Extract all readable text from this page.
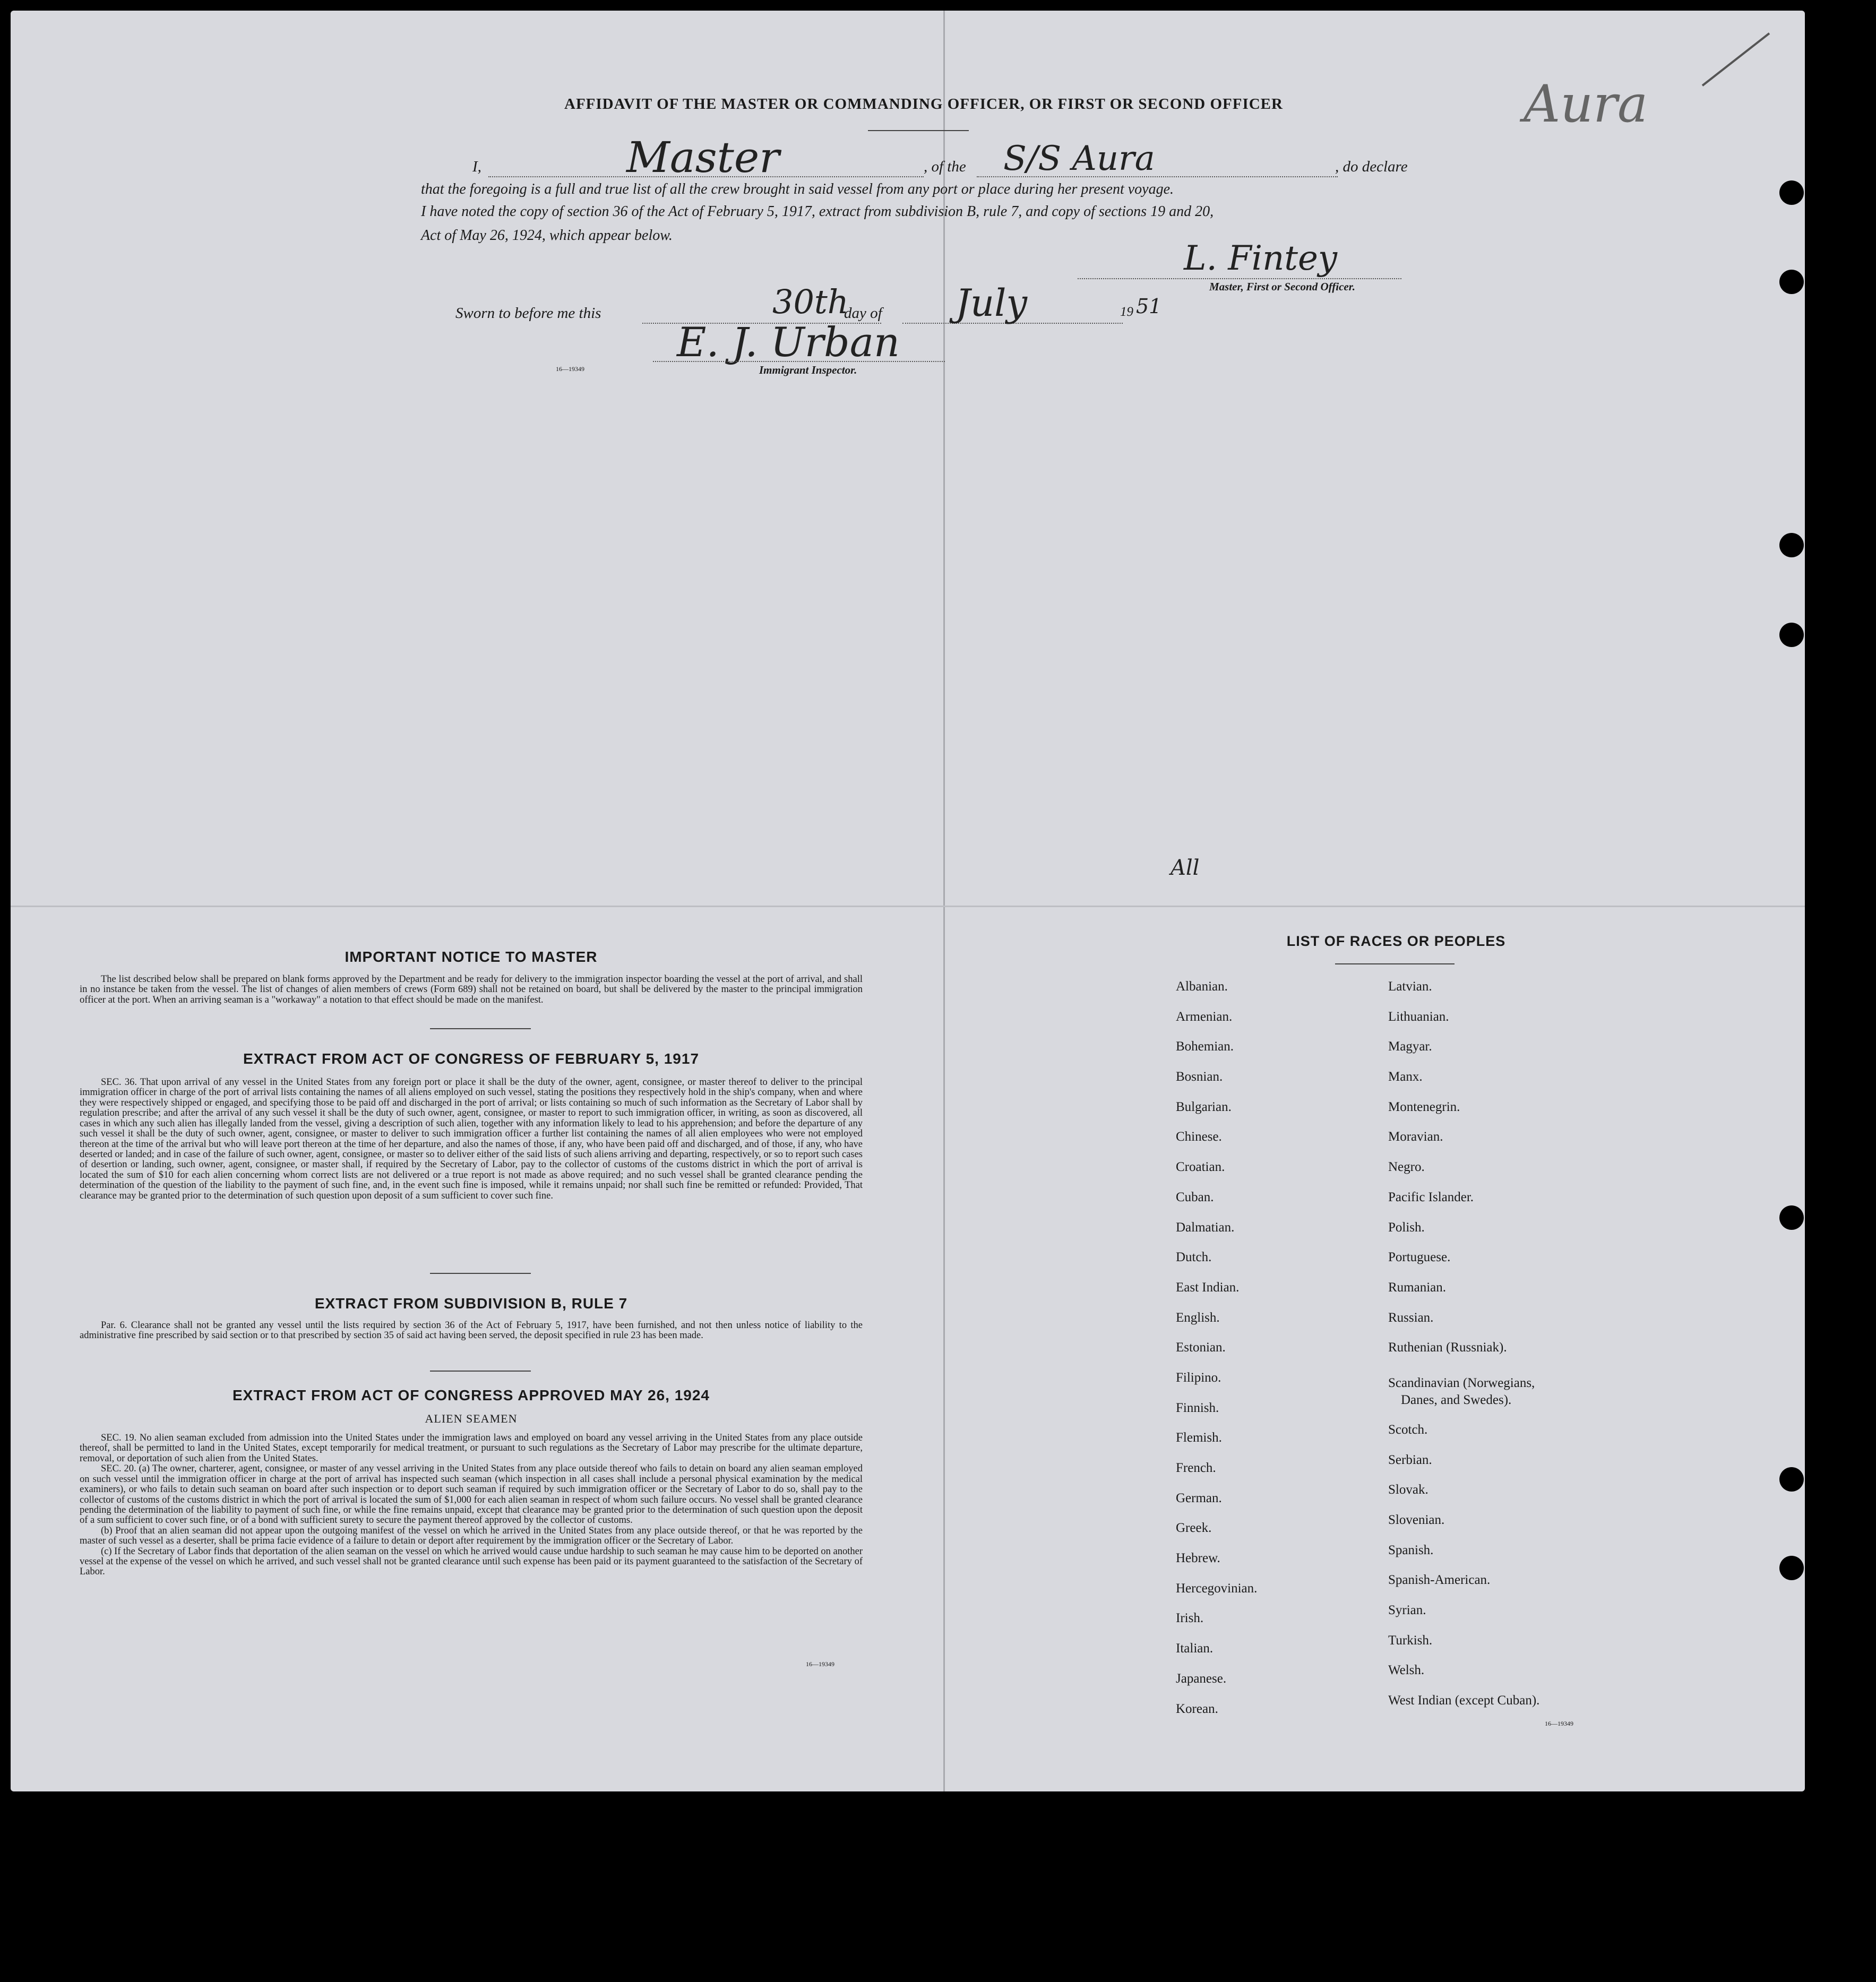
AFFIDAVIT OF THE MASTER OR COMMANDING OFFICER, OR FIRST OR SECOND OFFICER
I,	Master	, of the S/S Aura	, do declare
that the foregoing is a full and true list of all the crew brought in said vessel from any port or place during her present voyage.
I have noted the copy of section 36 of the Act of February 5, 1917, extract from subdivision B, rule 7, and copy of sections 19 and 20,
Act of May 26, 1924, which appear below.
L. Fintey
Master, First or Second Officer.
Sworn to before me this	30th
day of July	19 51
E. J. Urban
Immigrant Inspector.
16—19349
Aura
All
IMPORTANT NOTICE TO MASTER

The list described below shall be prepared on blank forms approved by the Department and be ready for delivery to the immigration inspector boarding the vessel at the port of arrival, and shall in no instance be taken from the vessel. The list of changes of alien members of crews (Form 689) shall not be retained on board, but shall be delivered by the master to the principal immigration officer at the port. When an arriving seaman is a "workaway" a notation to that effect should be made on the manifest.

EXTRACT FROM ACT OF CONGRESS OF FEBRUARY 5, 1917

SEC. 36. That upon arrival of any vessel in the United States from any foreign port or place it shall be the duty of the owner, agent, consignee, or master thereof to deliver to the principal immigration officer in charge of the port of arrival lists containing the names of all aliens employed on such vessel, stating the positions they respectively hold in the ship's company, when and where they were respectively shipped or engaged, and specifying those to be paid off and discharged in the port of arrival; or lists containing so much of such information as the Secretary of Labor shall by regulation prescribe; and after the arrival of any such vessel it shall be the duty of such owner, agent, consignee, or master to report to such immigration officer, in writing, as soon as discovered, all cases in which any such alien has illegally landed from the vessel, giving a description of such alien, together with any information likely to lead to his apprehension; and before the departure of any such vessel it shall be the duty of such owner, agent, consignee, or master to deliver to such immigration officer a further list containing the names of all alien employees who were not employed thereon at the time of the arrival but who will leave port thereon at the time of her departure, and also the names of those, if any, who have been paid off and discharged, and of those, if any, who have deserted or landed; and in case of the failure of such owner, agent, consignee, or master so to deliver either of the said lists of such aliens arriving and departing, respectively, or so to report such cases of desertion or landing, such owner, agent, consignee, or master shall, if required by the Secretary of Labor, pay to the collector of customs of the customs district in which the port of arrival is located the sum of $10 for each alien concerning whom correct lists are not delivered or a true report is not made as above required; and no such vessel shall be granted clearance pending the determination of the question of the liability to the payment of such fine, and, in the event such fine is imposed, while it remains unpaid; nor shall such fine be remitted or refunded: Provided, That clearance may be granted prior to the determination of such question upon deposit of a sum sufficient to cover such fine.

EXTRACT FROM SUBDIVISION B, RULE 7

Par. 6. Clearance shall not be granted any vessel until the lists required by section 36 of the Act of February 5, 1917, have been furnished, and not then unless notice of liability to the administrative fine prescribed by said section or to that prescribed by section 35 of said act having been served, the deposit specified in rule 23 has been made.

EXTRACT FROM ACT OF CONGRESS APPROVED MAY 26, 1924
ALIEN SEAMEN

SEC. 19. No alien seaman excluded from admission into the United States under the immigration laws and employed on board any vessel arriving in the United States from any place outside thereof, shall be permitted to land in the United States, except temporarily for medical treatment, or pursuant to such regulations as the Secretary of Labor may prescribe for the ultimate departure, removal, or deportation of such alien from the United States.

SEC. 20. (a) The owner, charterer, agent, consignee, or master of any vessel arriving in the United States from any place outside thereof who fails to detain on board any alien seaman employed on such vessel until the immigration officer in charge at the port of arrival has inspected such seaman (which inspection in all cases shall include a personal physical examination by the medical examiners), or who fails to detain such seaman on board after such inspection or to deport such seaman if required by such immigration officer or the Secretary of Labor to do so, shall pay to the collector of customs of the customs district in which the port of arrival is located the sum of $1,000 for each alien seaman in respect of whom such failure occurs. No vessel shall be granted clearance pending the determination of the liability to payment of such fine, or while the fine remains unpaid, except that clearance may be granted prior to the determination of such question upon the deposit of a sum sufficient to cover such fine, or of a bond with sufficient surety to secure the payment thereof approved by the collector of customs.

(b) Proof that an alien seaman did not appear upon the outgoing manifest of the vessel on which he arrived in the United States from any place outside thereof, or that he was reported by the master of such vessel as a deserter, shall be prima facie evidence of a failure to detain or deport after requirement by the immigration officer or the Secretary of Labor.

(c) If the Secretary of Labor finds that deportation of the alien seaman on the vessel on which he arrived would cause undue hardship to such seaman he may cause him to be deported on another vessel at the expense of the vessel on which he arrived, and such vessel shall not be granted clearance until such expense has been paid or its payment guaranteed to the satisfaction of the Secretary of Labor.

16—19349
LIST OF RACES OR PEOPLES
Albanian.
Armenian.
Bohemian.
Bosnian.
Bulgarian.
Chinese.
Croatian.
Cuban.
Dalmatian.
Dutch.
East Indian.
English.
Estonian.
Filipino.
Finnish.
Flemish.
French.
German.
Greek.
Hebrew.
Hercegovinian.
Irish.
Italian.
Japanese.
Korean.
Latvian.
Lithuanian.
Magyar.
Manx.
Montenegrin.
Moravian.
Negro.
Pacific Islander.
Polish.
Portuguese.
Rumanian.
Russian.
Ruthenian (Russniak).
Scandinavian (Norwegians,
Danes, and Swedes).
Scotch.
Serbian.
Slovak.
Slovenian.
Spanish.
Spanish-American.
Syrian.
Turkish.
Welsh.
West Indian (except Cuban).
16—19349
